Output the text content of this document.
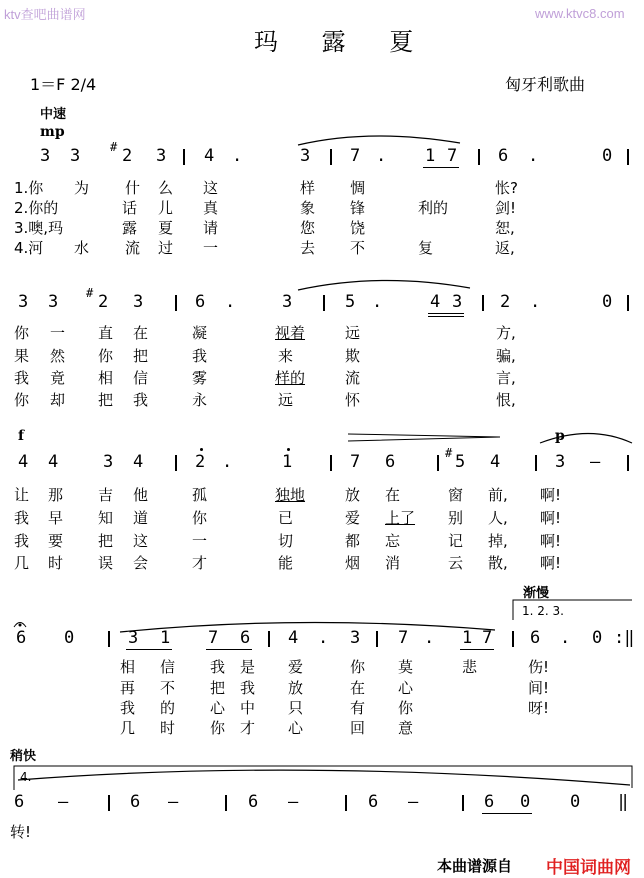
ktv查吧曲谱网	www.ktvc8.com
玛 露 夏
1＝F 2/4	匈牙利歌曲
中速
mp
3 3 # 2 3 4 .	3 7 . 1 7 6 .	0
1.你 为 什 么 这	样 惆	怅?
2.你的	话 儿 真	象 锋	利的	剑!
3.噢,玛	露 夏 请	您 饶	恕,
4.河 水 流 过 一	去 不	复	返,
3 3 # 2 3	6 .	3	5 .	4 3 2 .	0
你 一 直 在	凝	视着	远	方,
果 然 你 把	我	来	欺	骗,
我 竟 相 信	雾	样的	流	言,
你 却 把 我	永	远	怀	恨,
f	p
4 4	3 4	2 .	1	7 6	# 5 4	3 –
让 那 吉 他	孤	独地	放 在	窗 前, 啊!
我 早 知 道	你	已	爱 上了 别 人, 啊!
我 要 把 这	一	切	都 忘	记 掉, 啊!
几 时 误 会	才	能	烟 消	云 散, 啊!
渐慢
1. 2. 3.
6 0	3 1 7 6 4 . 3 7 . 1 7 6 . 0 :‖
相 信 我 是 爱	你 莫	悲	伤!
再 不 把 我 放	在 心	间!
我 的 心 中 只	有 你	呀!
几 时 你 才 心	回 意
稍快
4.
6 –	6 –	6 –	6 –	6 0 0 ‖
转!
本曲谱源自 中国词曲网
